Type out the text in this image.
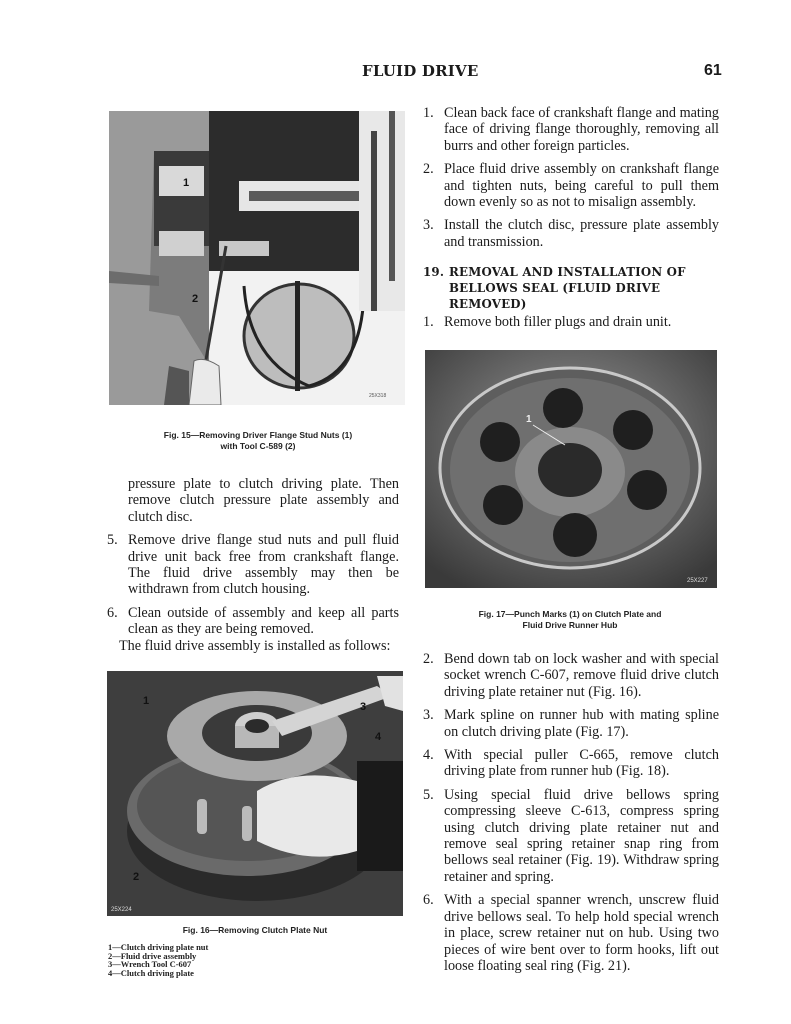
FLUID DRIVE	61
1
2
25X318
Fig. 15—Removing Driver Flange Stud Nuts (1)
with Tool C-589 (2)
pressure plate to clutch driving plate. Then remove clutch pressure plate assembly and clutch disc.
5. Remove drive flange stud nuts and pull fluid drive unit back free from crankshaft flange. The fluid drive assembly may then be withdrawn from clutch housing.
6. Clean outside of assembly and keep all parts clean as they are being removed.
The fluid drive assembly is installed as follows:
1
2
3
4
25X224
Fig. 16—Removing Clutch Plate Nut
1—Clutch driving plate nut
2—Fluid drive assembly
3—Wrench Tool C-607
4—Clutch driving plate
1. Clean back face of crankshaft flange and mating face of driving flange thoroughly, removing all burrs and other foreign particles.
2. Place fluid drive assembly on crankshaft flange and tighten nuts, being careful to pull them down evenly so as not to misalign assembly.
3. Install the clutch disc, pressure plate assembly and transmission.
19. REMOVAL AND INSTALLATION OF
BELLOWS SEAL (FLUID DRIVE REMOVED)
1. Remove both filler plugs and drain unit.
1
25X227
Fig. 17—Punch Marks (1) on Clutch Plate and
Fluid Drive Runner Hub
2. Bend down tab on lock washer and with special socket wrench C-607, remove fluid drive clutch driving plate retainer nut (Fig. 16).
3. Mark spline on runner hub with mating spline on clutch driving plate (Fig. 17).
4. With special puller C-665, remove clutch driving plate from runner hub (Fig. 18).
5. Using special fluid drive bellows spring compressing sleeve C-613, compress spring using clutch driving plate retainer nut and remove seal spring retainer snap ring from bellows seal retainer (Fig. 19). Withdraw spring retainer and spring.
6. With a special spanner wrench, unscrew fluid drive bellows seal. To help hold special wrench in place, screw retainer nut on hub. Using two pieces of wire bent over to form hooks, lift out loose floating seal ring (Fig. 21).
